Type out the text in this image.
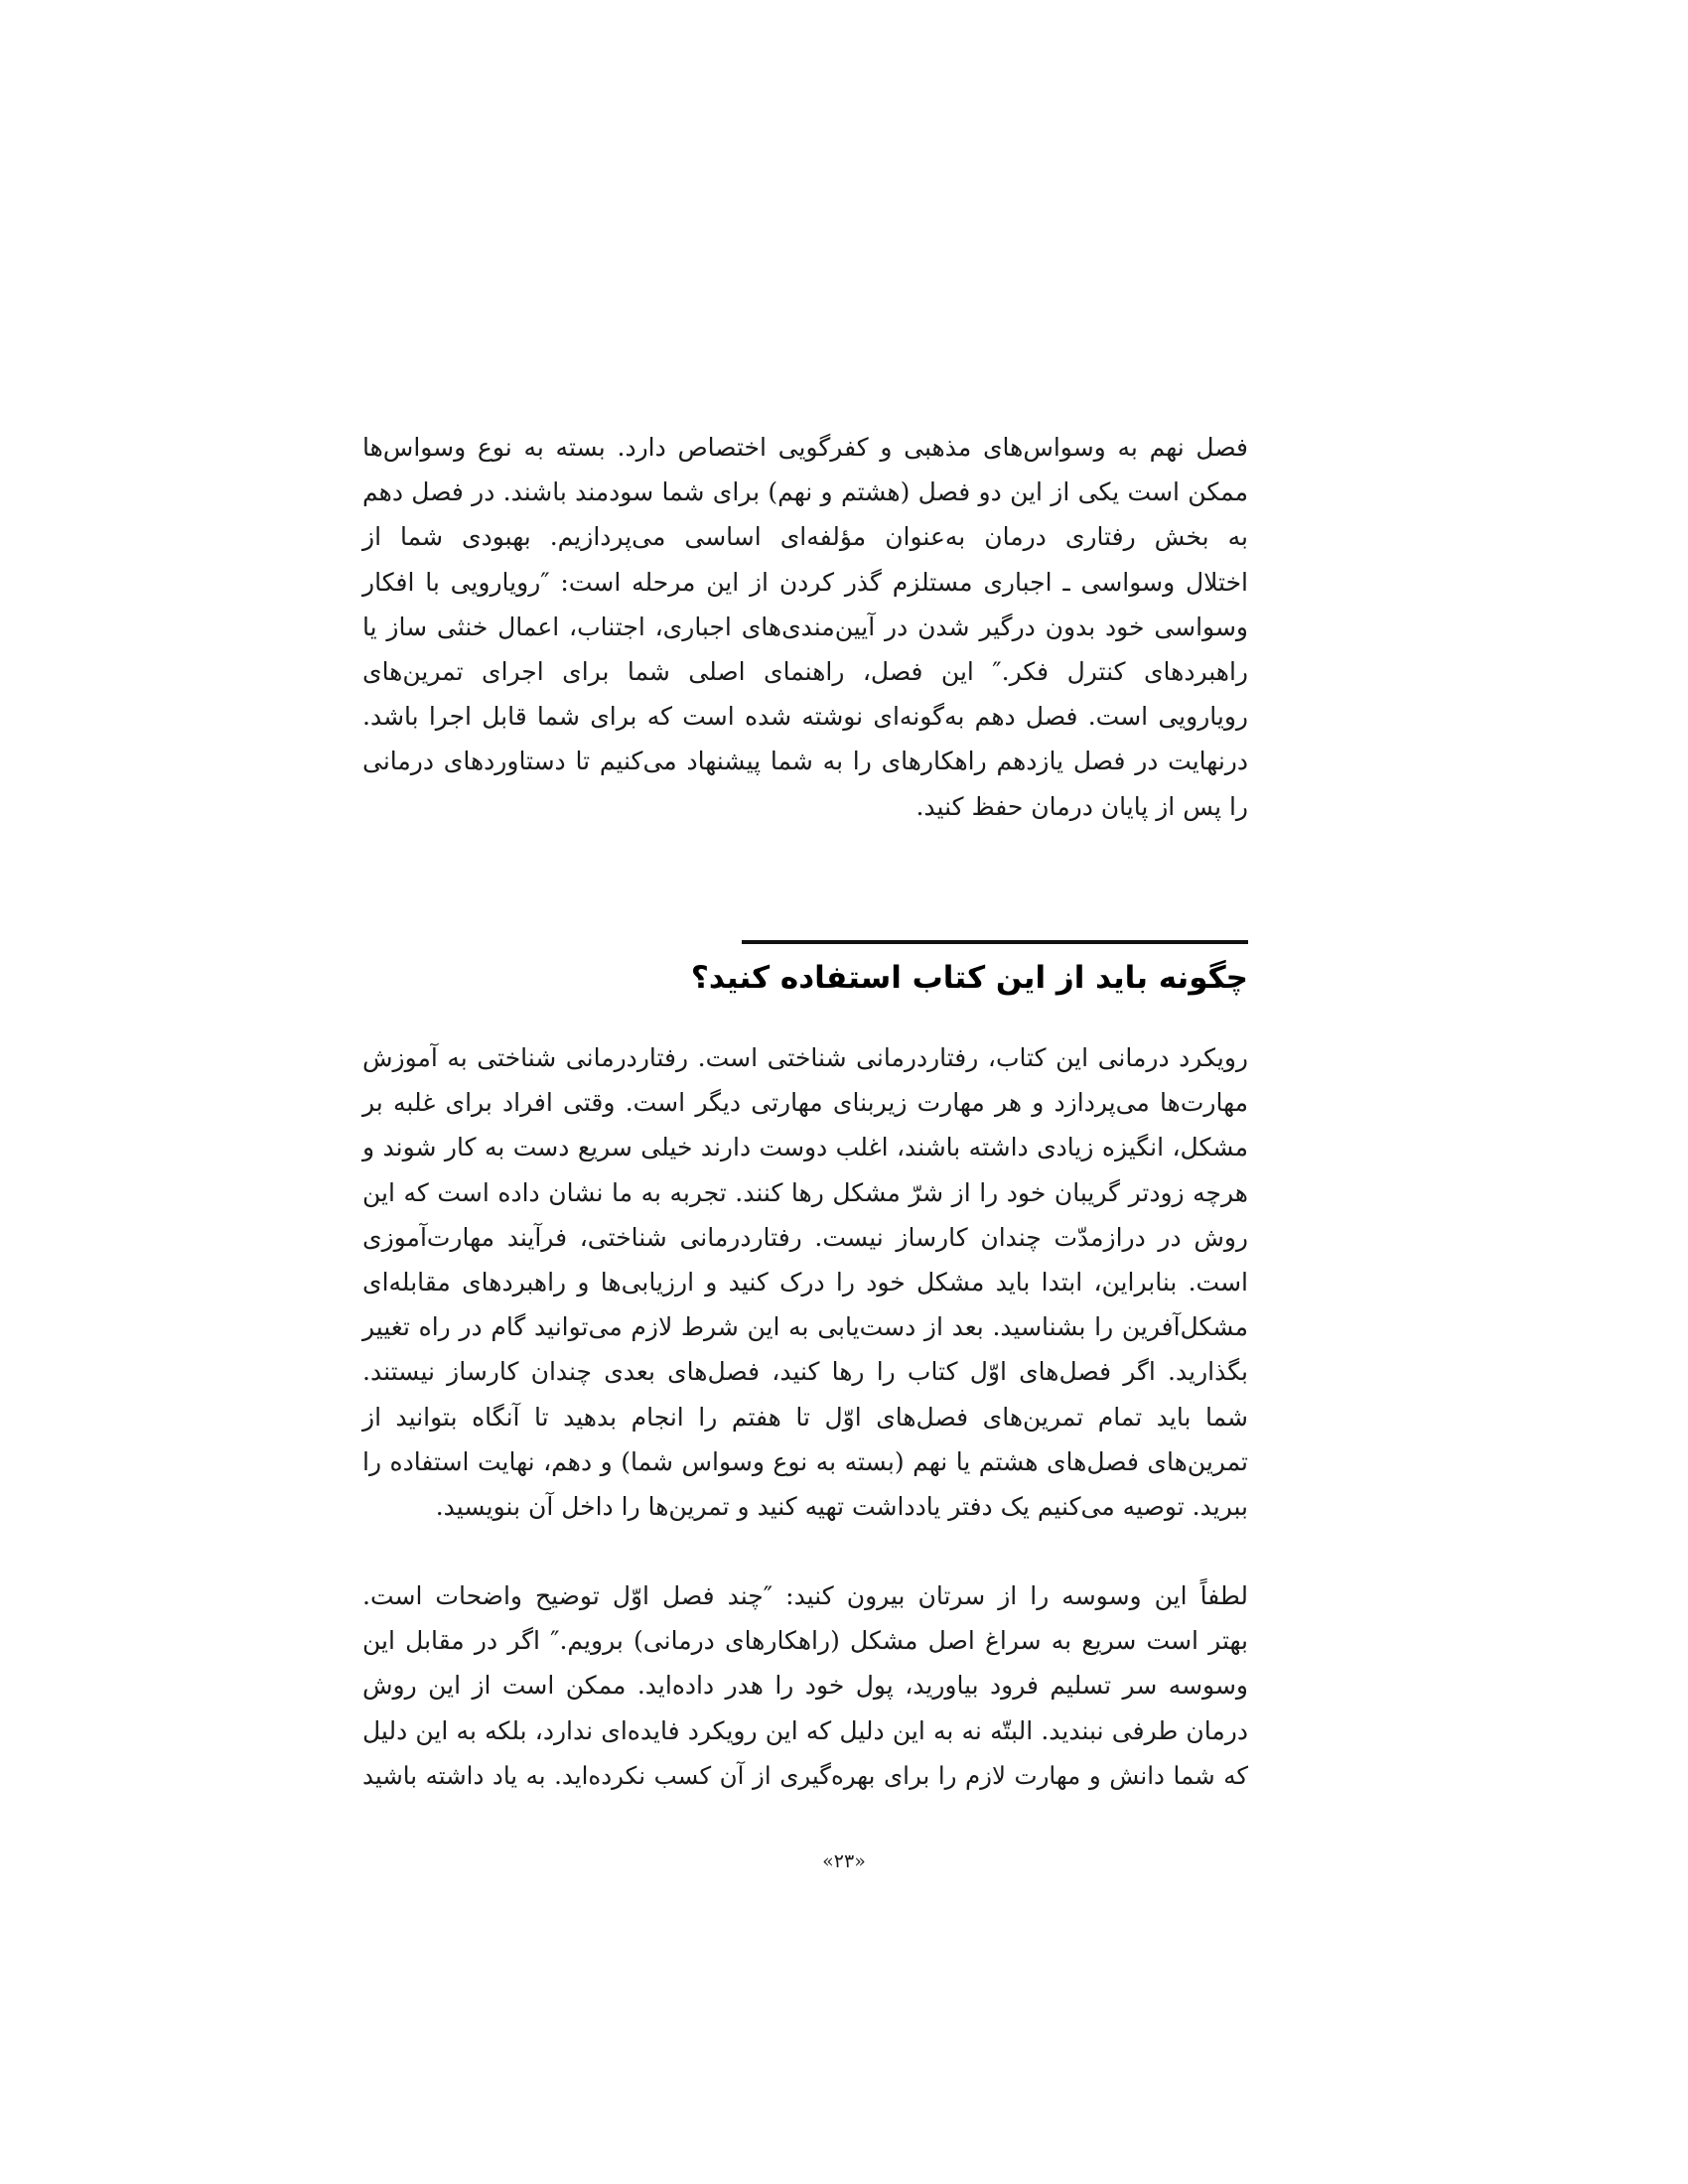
فصل نهم به وسواس‌های مذهبی و کفرگویی اختصاص دارد. بسته به نوع وسواس‌ها
ممکن است یکی از این دو فصل (هشتم و نهم) برای شما سودمند باشند. در فصل دهم
به بخش رفتاری درمان به‌عنوان مؤلفه‌ای اساسی می‌پردازیم. بهبودی شما از
اختلال وسواسی ـ اجباری مستلزم گذر کردن از این مرحله است: ″رویارویی با افکار
وسواسی خود بدون درگیر شدن در آیین‌مندی‌های اجباری، اجتناب، اعمال خنثی ساز یا
راهبردهای کنترل فکر.″ این فصل، راهنمای اصلی شما برای اجرای تمرین‌های
رویارویی است. فصل دهم به‌گونه‌ای نوشته شده است که برای شما قابل اجرا باشد.
درنهایت در فصل یازدهم راهکارهای را به شما پیشنهاد می‌کنیم تا دستاوردهای درمانی
را پس از پایان درمان حفظ کنید.
چگونه باید از این کتاب استفاده کنید؟
رویکرد درمانی این کتاب، رفتاردرمانی شناختی است. رفتاردرمانی شناختی به آموزش
مهارت‌ها می‌پردازد و هر مهارت زیربنای مهارتی دیگر است. وقتی افراد برای غلبه بر
مشکل، انگیزه زیادی داشته باشند، اغلب دوست دارند خیلی سریع دست به کار شوند و
هرچه زودتر گریبان خود را از شرّ مشکل رها کنند. تجربه به ما نشان داده است که این
روش در درازمدّت چندان کارساز نیست. رفتاردرمانی شناختی، فرآیند مهارت‌آموزی
است. بنابراین، ابتدا باید مشکل خود را درک کنید و ارزیابی‌ها و راهبردهای مقابله‌ای
مشکل‌آفرین را بشناسید. بعد از دست‌یابی به این شرط لازم می‌توانید گام در راه تغییر
بگذارید. اگر فصل‌های اوّل کتاب را رها کنید، فصل‌های بعدی چندان کارساز نیستند.
شما باید تمام تمرین‌های فصل‌های اوّل تا هفتم را انجام بدهید تا آنگاه بتوانید از
تمرین‌های فصل‌های هشتم یا نهم (بسته به نوع وسواس شما) و دهم، نهایت استفاده را
ببرید. توصیه می‌کنیم یک دفتر یادداشت تهیه کنید و تمرین‌ها را داخل آن بنویسید.
لطفاً این وسوسه را از سرتان بیرون کنید: ″چند فصل اوّل توضیح واضحات است.
بهتر است سریع به سراغ اصل مشکل (راهکارهای درمانی) برویم.″ اگر در مقابل این
وسوسه سر تسلیم فرود بیاورید، پول خود را هدر داده‌اید. ممکن است از این روش
درمان طرفی نبندید. البتّه نه به این دلیل که این رویکرد فایده‌ای ندارد، بلکه به این دلیل
که شما دانش و مهارت لازم را برای بهره‌گیری از آن کسب نکرده‌اید. به یاد داشته باشید
«۲۳»
